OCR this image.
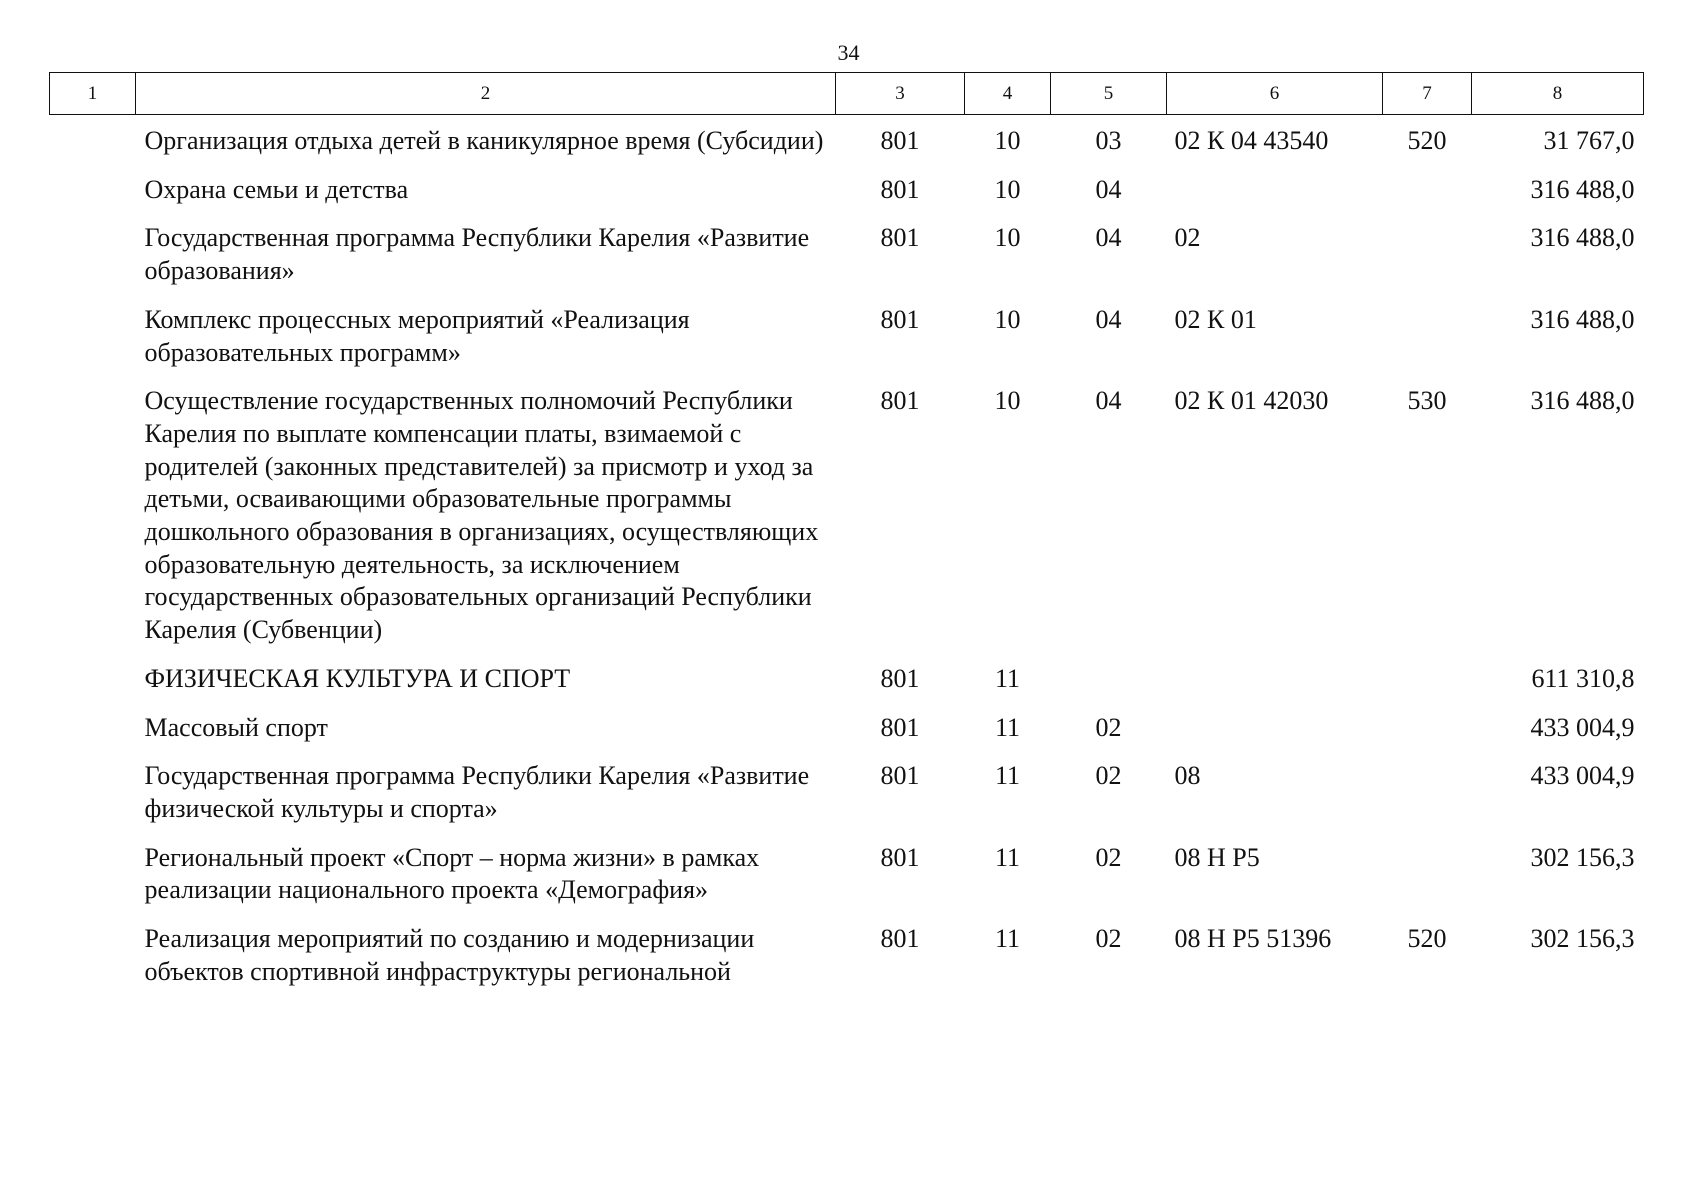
34
1	2	3	4	5	6	7	8
	Организация отдыха детей в каникулярное время (Субсидии)	801	10	03	02 К 04 43540	520	31 767,0
	Охрана семьи и детства	801	10	04			316 488,0
	Государственная программа Республики Карелия «Развитие образования»	801	10	04	02		316 488,0
	Комплекс процессных мероприятий «Реализация образовательных программ»	801	10	04	02 К 01		316 488,0
	Осуществление государственных полномочий Республики Карелия по выплате компенсации платы, взимаемой с родителей (законных представителей) за присмотр и уход за детьми, осваивающими образовательные программы дошкольного образования в организациях, осуществляющих образовательную деятельность, за исключением государственных образовательных организаций Республики Карелия (Субвенции)	801	10	04	02 К 01 42030	530	316 488,0
	ФИЗИЧЕСКАЯ КУЛЬТУРА И СПОРТ	801	11				611 310,8
	Массовый спорт	801	11	02			433 004,9
	Государственная программа Республики Карелия «Развитие физической культуры и спорта»	801	11	02	08		433 004,9
	Региональный проект «Спорт – норма жизни» в рамках реализации национального проекта «Демография»	801	11	02	08 Н Р5		302 156,3
	Реализация мероприятий по созданию и модернизации объектов спортивной инфраструктуры региональной	801	11	02	08 Н Р5 51396	520	302 156,3
